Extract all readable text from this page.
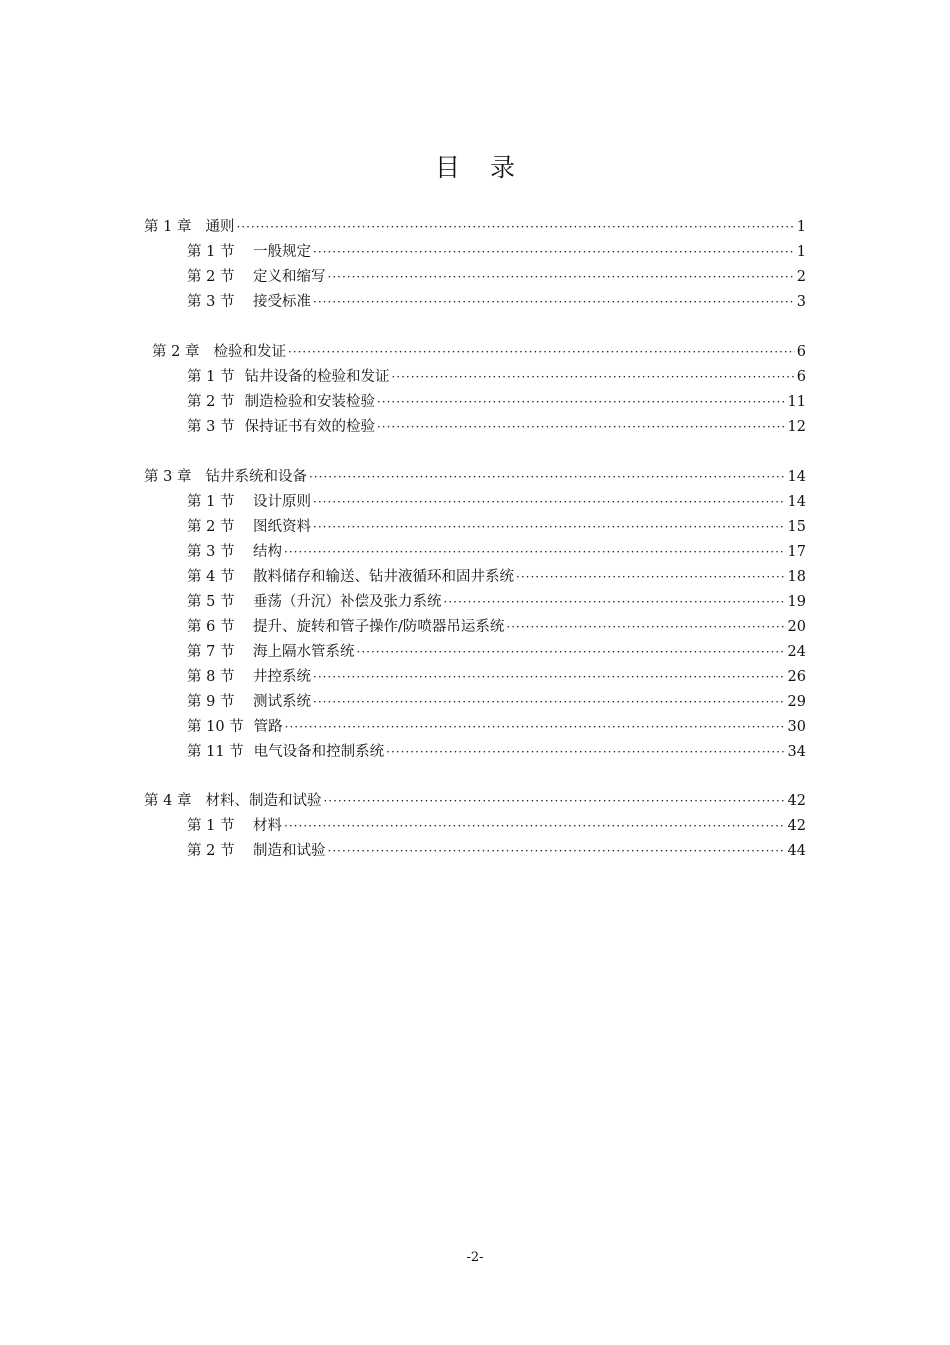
目 录
第 1 章 通则 ·····	1
第 1 节 一般规定 ·····	1
第 2 节 定义和缩写 ·····	2
第 3 节 接受标准 ·····	3
第 2 章 检验和发证 ·····	6
第 1 节 钻井设备的检验和发证 ·····	6
第 2 节 制造检验和安装检验 ·····	11
第 3 节 保持证书有效的检验 ·····	12
第 3 章 钻井系统和设备 ·····	14
第 1 节 设计原则 ·····	14
第 2 节 图纸资料 ·····	15
第 3 节 结构 ·····	17
第 4 节 散料储存和输送、钻井液循环和固井系统 ·····	18
第 5 节 垂荡（升沉）补偿及张力系统 ·····	19
第 6 节 提升、旋转和管子操作/防喷器吊运系统 ·····	20
第 7 节 海上隔水管系统 ·····	24
第 8 节 井控系统 ·····	26
第 9 节 测试系统 ·····	29
第 10 节 管路 ·····	30
第 11 节 电气设备和控制系统 ·····	34
第 4 章 材料、制造和试验 ·····	42
第 1 节 材料 ·····	42
第 2 节 制造和试验 ·····	44
-2-
